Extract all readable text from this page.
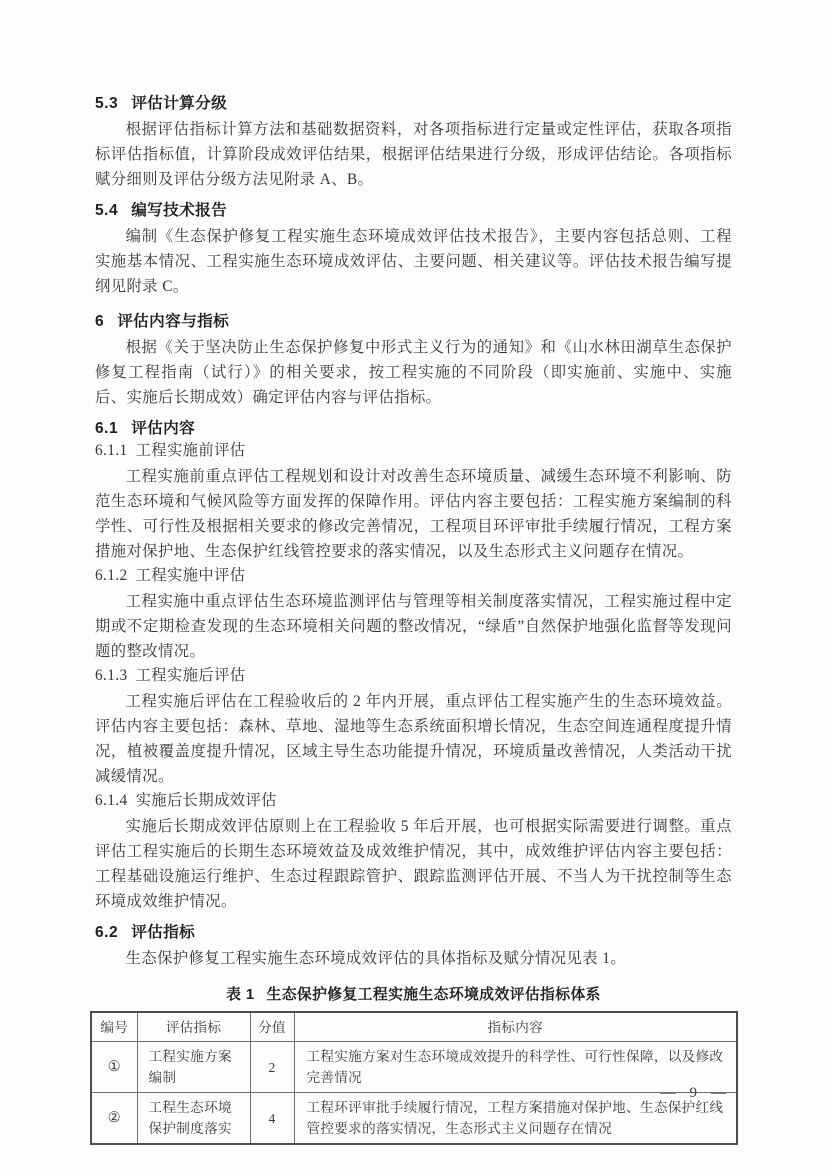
5.3 评估计算分级

根据评估指标计算方法和基础数据资料，对各项指标进行定量或定性评估，获取各项指标评估指标值，计算阶段成效评估结果，根据评估结果进行分级，形成评估结论。各项指标赋分细则及评估分级方法见附录 A、B。

5.4 编写技术报告

编制《生态保护修复工程实施生态环境成效评估技术报告》，主要内容包括总则、工程实施基本情况、工程实施生态环境成效评估、主要问题、相关建议等。评估技术报告编写提纲见附录 C。

6 评估内容与指标

根据《关于坚决防止生态保护修复中形式主义行为的通知》和《山水林田湖草生态保护修复工程指南（试行）》的相关要求，按工程实施的不同阶段（即实施前、实施中、实施后、实施后长期成效）确定评估内容与评估指标。

6.1 评估内容
6.1.1 工程实施前评估

工程实施前重点评估工程规划和设计对改善生态环境质量、减缓生态环境不利影响、防范生态环境和气候风险等方面发挥的保障作用。评估内容主要包括：工程实施方案编制的科学性、可行性及根据相关要求的修改完善情况，工程项目环评审批手续履行情况，工程方案措施对保护地、生态保护红线管控要求的落实情况，以及生态形式主义问题存在情况。

6.1.2 工程实施中评估

工程实施中重点评估生态环境监测评估与管理等相关制度落实情况，工程实施过程中定期或不定期检查发现的生态环境相关问题的整改情况，“绿盾”自然保护地强化监督等发现问题的整改情况。

6.1.3 工程实施后评估

工程实施后评估在工程验收后的 2 年内开展，重点评估工程实施产生的生态环境效益。评估内容主要包括：森林、草地、湿地等生态系统面积增长情况，生态空间连通程度提升情况，植被覆盖度提升情况，区域主导生态功能提升情况，环境质量改善情况，人类活动干扰减缓情况。

6.1.4 实施后长期成效评估

实施后长期成效评估原则上在工程验收 5 年后开展，也可根据实际需要进行调整。重点评估工程实施后的长期生态环境效益及成效维护情况，其中，成效维护评估内容主要包括：工程基础设施运行维护、生态过程跟踪管护、跟踪监测评估开展、不当人为干扰控制等生态环境成效维护情况。

6.2 评估指标

生态保护修复工程实施生态环境成效评估的具体指标及赋分情况见表 1。

表 1 生态保护修复工程实施生态环境成效评估指标体系
编号	评估指标	分值	指标内容
①	工程实施方案编制	2	工程实施方案对生态环境成效提升的科学性、可行性保障，以及修改完善情况
②	工程生态环境保护制度落实	4	工程环评审批手续履行情况，工程方案措施对保护地、生态保护红线管控要求的落实情况，生态形式主义问题存在情况
— 9 —
